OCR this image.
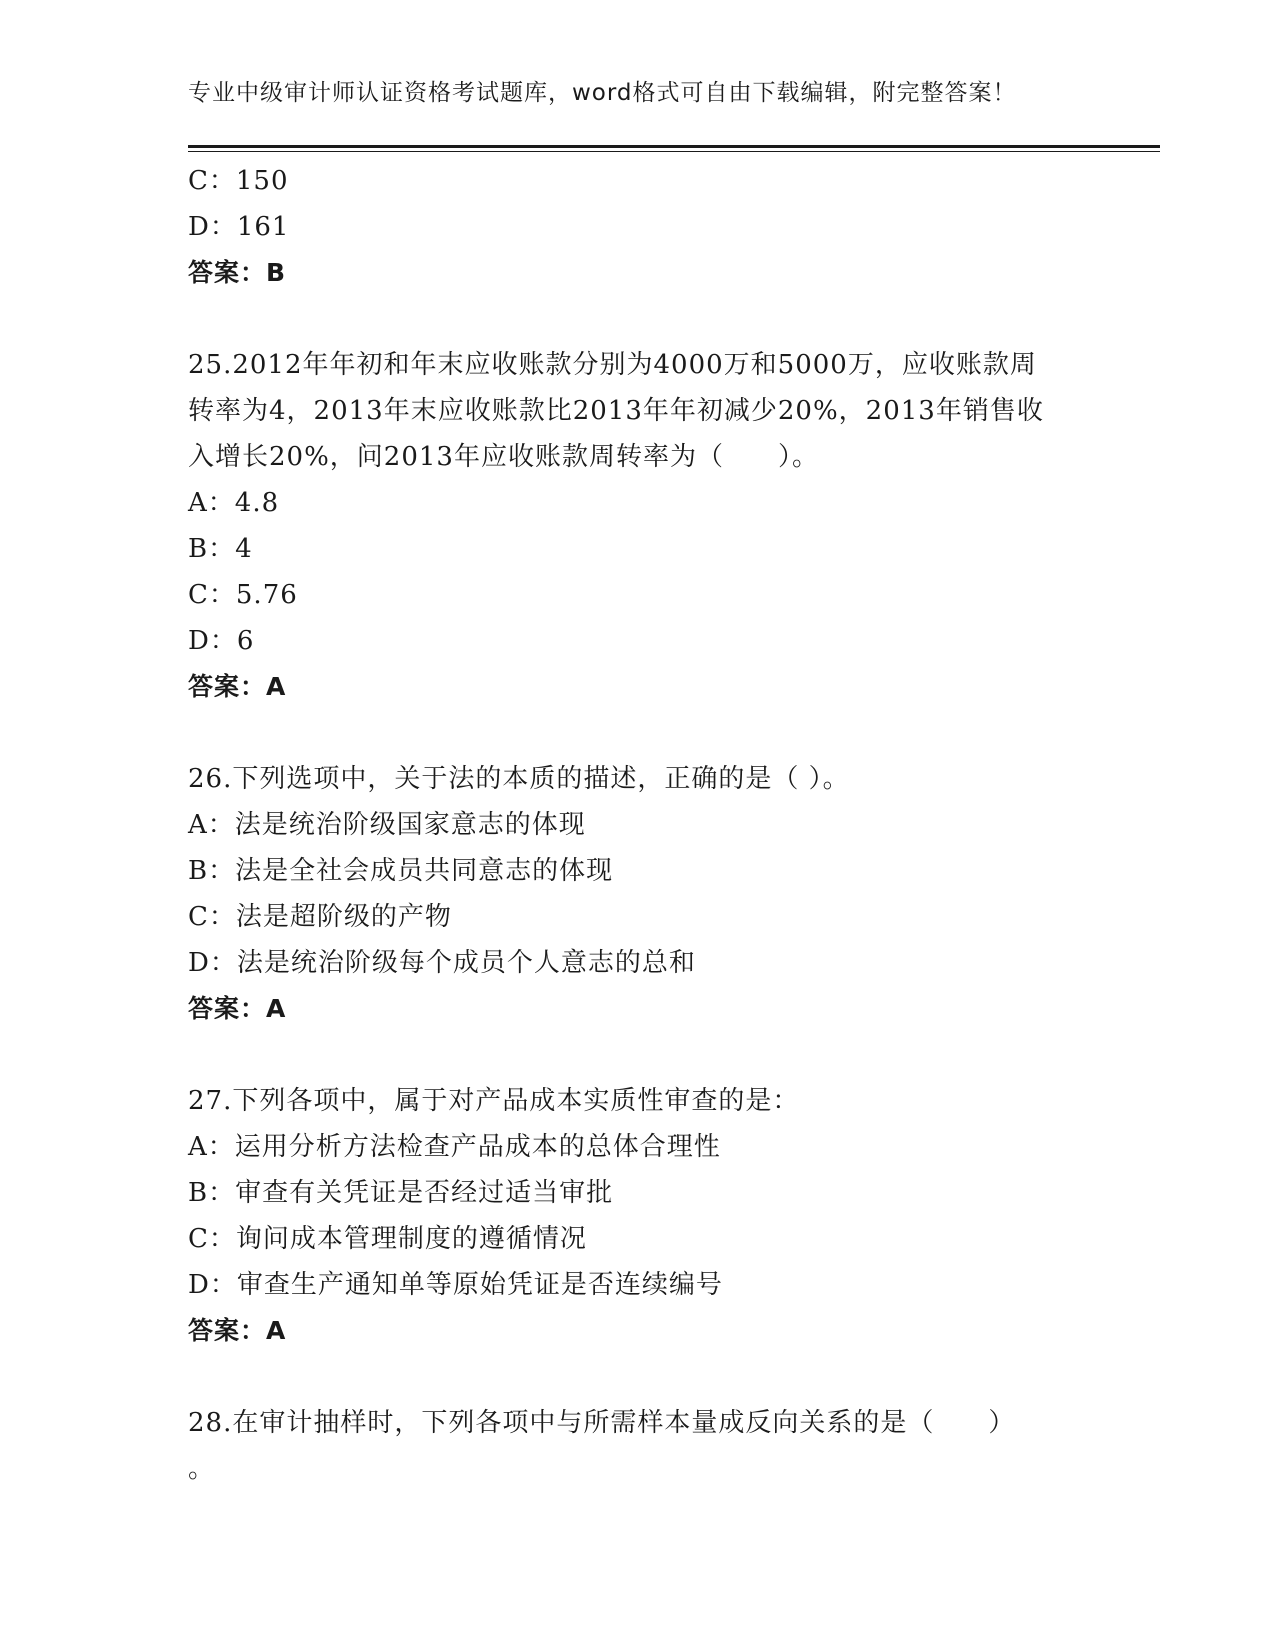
专业中级审计师认证资格考试题库，word格式可自由下载编辑，附完整答案！
C：150
D：161
答案：B
25.2012年年初和年末应收账款分别为4000万和5000万，应收账款周
转率为4，2013年末应收账款比2013年年初减少20%，2013年销售收
入增长20%，问2013年应收账款周转率为（　　）。
A：4.8
B：4
C：5.76
D：6
答案：A
26.下列选项中，关于法的本质的描述，正确的是（ ）。
A：法是统治阶级国家意志的体现
B：法是全社会成员共同意志的体现
C：法是超阶级的产物
D：法是统治阶级每个成员个人意志的总和
答案：A
27.下列各项中，属于对产品成本实质性审查的是：
A：运用分析方法检查产品成本的总体合理性
B：审查有关凭证是否经过适当审批
C：询问成本管理制度的遵循情况
D：审查生产通知单等原始凭证是否连续编号
答案：A
28.在审计抽样时，下列各项中与所需样本量成反向关系的是（　　）
。
